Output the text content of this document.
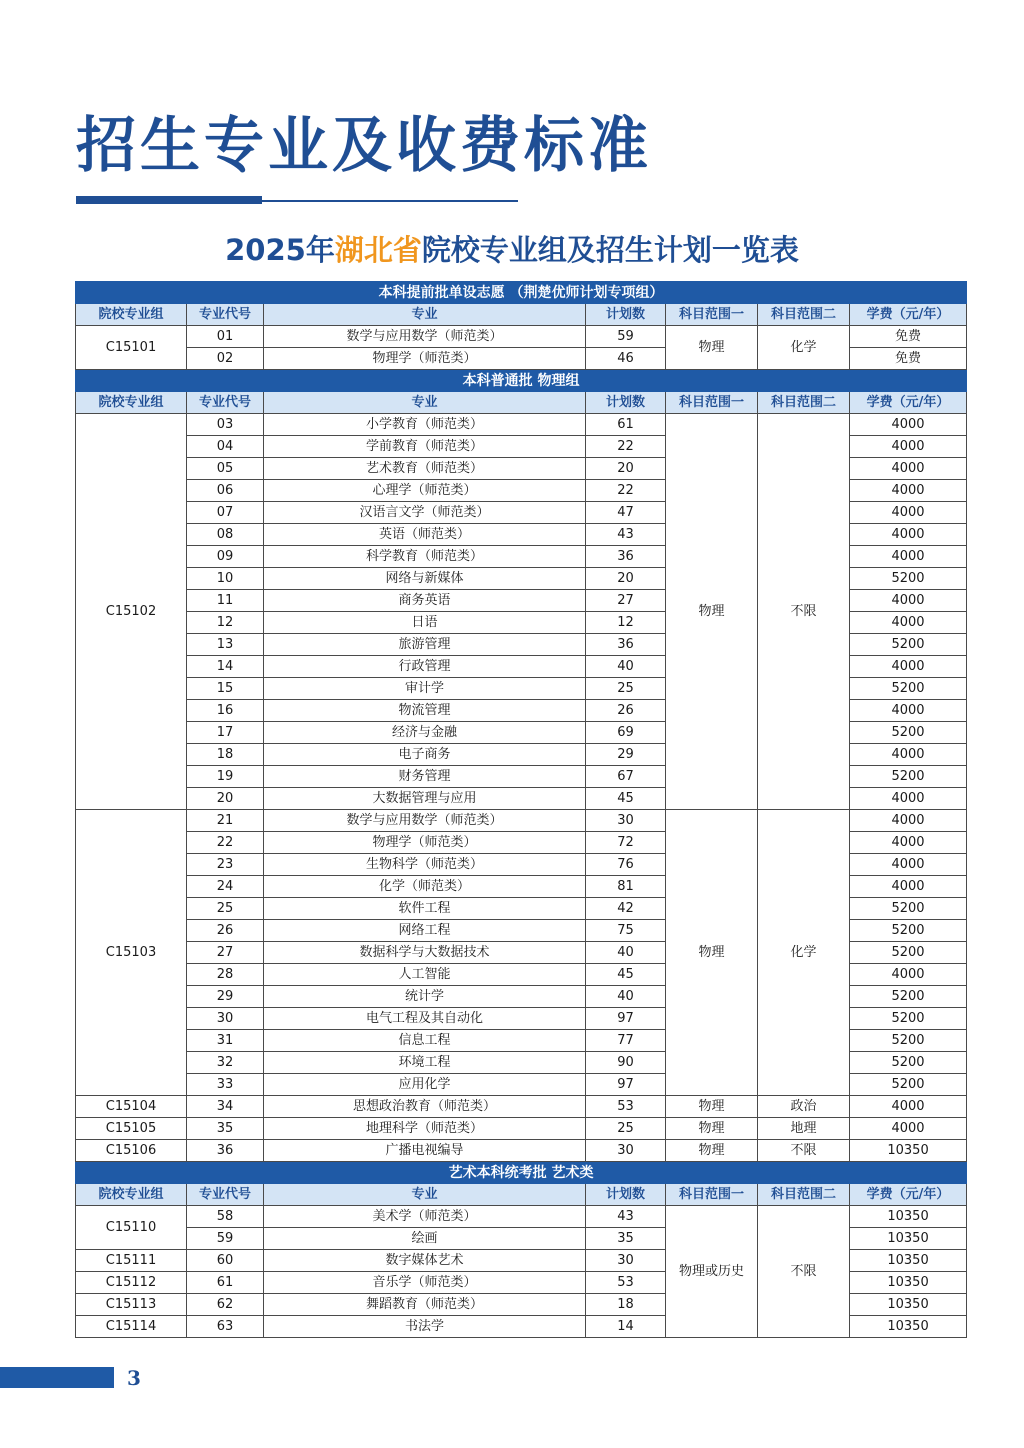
招生专业及收费标准
2025年湖北省院校专业组及招生计划一览表
本科提前批单设志愿 （荆楚优师计划专项组）						
院校专业组	专业代号	专业	计划数	科目范围一	科目范围二	学费（元/年）
C15101	01	数学与应用数学（师范类）	59	物理	化学	免费
	02	物理学（师范类）	46			免费
本科普通批 物理组						
院校专业组	专业代号	专业	计划数	科目范围一	科目范围二	学费（元/年）
C15102	03	小学教育（师范类）	61	物理	不限	4000
	04	学前教育（师范类）	22			4000
	05	艺术教育（师范类）	20			4000
	06	心理学（师范类）	22			4000
	07	汉语言文学（师范类）	47			4000
	08	英语（师范类）	43			4000
	09	科学教育（师范类）	36			4000
	10	网络与新媒体	20			5200
	11	商务英语	27			4000
	12	日语	12			4000
	13	旅游管理	36			5200
	14	行政管理	40			4000
	15	审计学	25			5200
	16	物流管理	26			4000
	17	经济与金融	69			5200
	18	电子商务	29			4000
	19	财务管理	67			5200
	20	大数据管理与应用	45			4000
C15103	21	数学与应用数学（师范类）	30	物理	化学	4000
	22	物理学（师范类）	72			4000
	23	生物科学（师范类）	76			4000
	24	化学（师范类）	81			4000
	25	软件工程	42			5200
	26	网络工程	75			5200
	27	数据科学与大数据技术	40			5200
	28	人工智能	45			4000
	29	统计学	40			5200
	30	电气工程及其自动化	97			5200
	31	信息工程	77			5200
	32	环境工程	90			5200
	33	应用化学	97			5200
C15104	34	思想政治教育（师范类）	53	物理	政治	4000
C15105	35	地理科学（师范类）	25	物理	地理	4000
C15106	36	广播电视编导	30	物理	不限	10350
艺术本科统考批 艺术类						
院校专业组	专业代号	专业	计划数	科目范围一	科目范围二	学费（元/年）
C15110	58	美术学（师范类）	43	物理或历史	不限	10350
	59	绘画	35			10350
C15111	60	数字媒体艺术	30			10350
C15112	61	音乐学（师范类）	53			10350
C15113	62	舞蹈教育（师范类）	18			10350
C15114	63	书法学	14			10350
3
